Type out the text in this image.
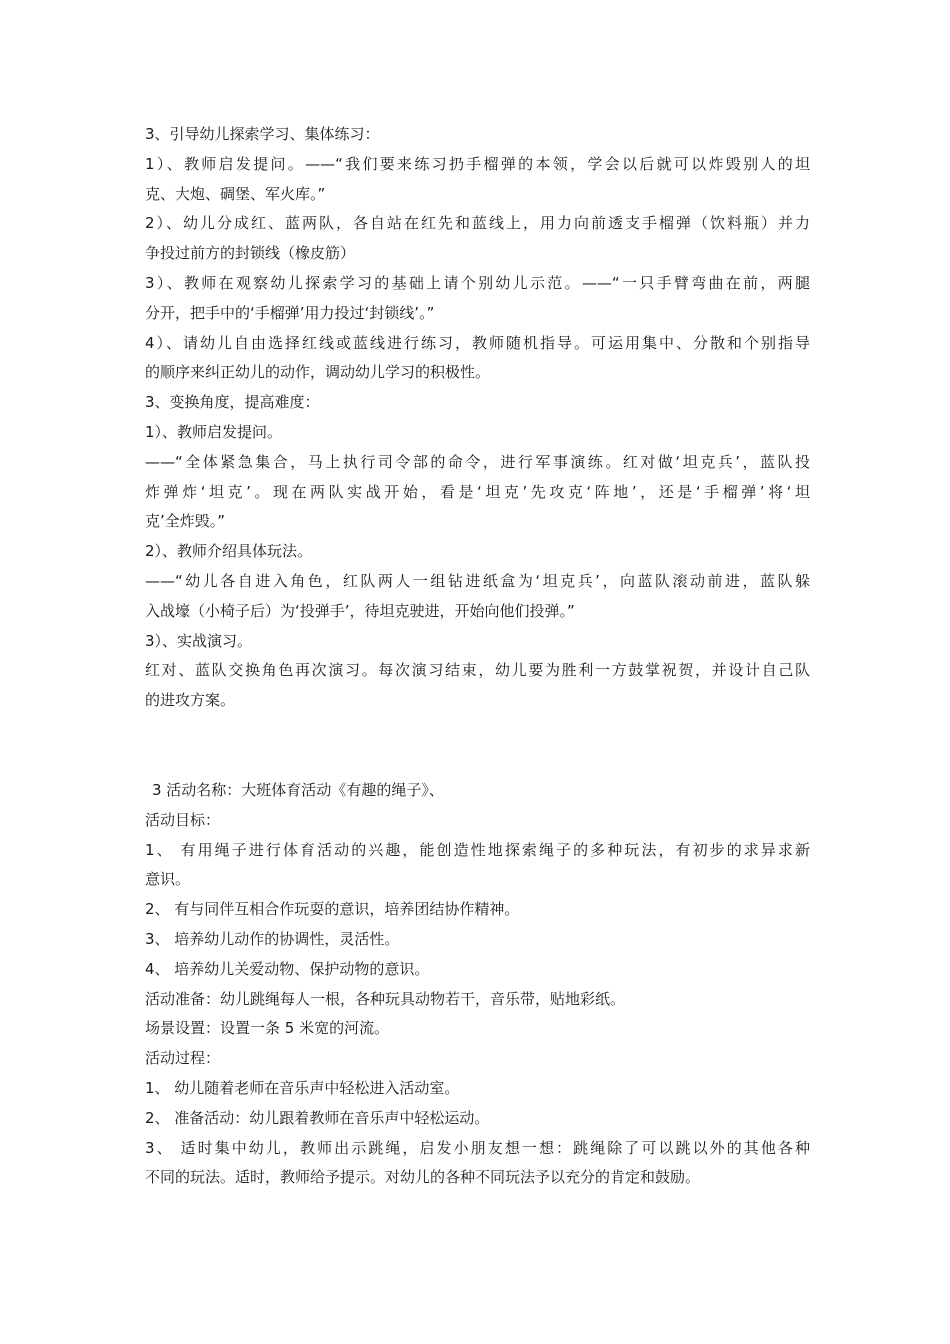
3、引导幼儿探索学习、集体练习：
1）、教师启发提问。——“我们要来练习扔手榴弹的本领，学会以后就可以炸毁别人的坦
克、大炮、碉堡、军火库。”
2）、幼儿分成红、蓝两队，各自站在红先和蓝线上，用力向前透支手榴弹（饮料瓶）并力
争投过前方的封锁线（橡皮筋）
3）、教师在观察幼儿探索学习的基础上请个别幼儿示范。——“一只手臂弯曲在前，两腿
分开，把手中的‘手榴弹’用力投过‘封锁线’。”
4）、请幼儿自由选择红线或蓝线进行练习，教师随机指导。可运用集中、分散和个别指导
的顺序来纠正幼儿的动作，调动幼儿学习的积极性。
3、变换角度，提高难度：
1）、教师启发提问。
——“全体紧急集合，马上执行司令部的命令，进行军事演练。红对做‘坦克兵’，蓝队投
炸弹炸‘坦克’。现在两队实战开始，看是‘坦克’先攻克‘阵地’，还是‘手榴弹’将‘坦
克’全炸毁。”
2）、教师介绍具体玩法。
——“幼儿各自进入角色，红队两人一组钻进纸盒为‘坦克兵’，向蓝队滚动前进，蓝队躲
入战壕（小椅子后）为‘投弹手’，待坦克驶进，开始向他们投弹。”
3）、实战演习。
红对、蓝队交换角色再次演习。每次演习结束，幼儿要为胜利一方鼓掌祝贺，并设计自己队
的进攻方案。
3 活动名称：大班体育活动《有趣的绳子》、
活动目标：
1、 有用绳子进行体育活动的兴趣，能创造性地探索绳子的多种玩法，有初步的求异求新
意识。
2、 有与同伴互相合作玩耍的意识，培养团结协作精神。
3、 培养幼儿动作的协调性，灵活性。
4、 培养幼儿关爱动物、保护动物的意识。
活动准备：幼儿跳绳每人一根，各种玩具动物若干，音乐带，贴地彩纸。
场景设置：设置一条 5 米宽的河流。
活动过程：
1、 幼儿随着老师在音乐声中轻松进入活动室。
2、 准备活动：幼儿跟着教师在音乐声中轻松运动。
3、 适时集中幼儿，教师出示跳绳，启发小朋友想一想：跳绳除了可以跳以外的其他各种
不同的玩法。适时，教师给予提示。对幼儿的各种不同玩法予以充分的肯定和鼓励。
